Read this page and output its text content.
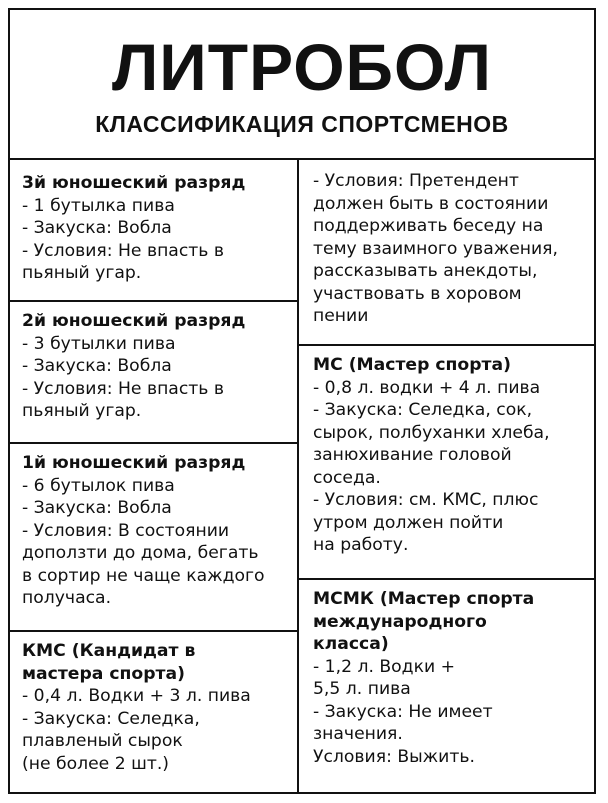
ЛИТРОБОЛ
КЛАССИФИКАЦИЯ СПОРТСМЕНОВ
3й юношеский разряд
- 1 бутылка пива
- Закуска: Вобла
- Условия: Не впасть в
пьяный угар.
2й юношеский разряд
- 3 бутылки пива
- Закуска: Вобла
- Условия: Не впасть в
пьяный угар.
1й юношеский разряд
- 6 бутылок пива
- Закуска: Вобла
- Условия: В состоянии
доползти до дома, бегать
в сортир не чаще каждого
получаса.
КМС (Кандидат в
мастера спорта)
- 0,4 л. Водки + 3 л. пива
- Закуска: Селедка,
плавленый сырок
(не более 2 шт.)
- Условия: Претендент
должен быть в состоянии
поддерживать беседу на
тему взаимного уважения,
рассказывать анекдоты,
участвовать в хоровом
пении
МС (Мастер спорта)
- 0,8 л. водки + 4 л. пива
- Закуска: Селедка, сок,
сырок, полбуханки хлеба,
занюхивание головой
соседа.
- Условия: см. КМС, плюс
утром должен пойти
на работу.
МСМК (Мастер спорта
международного
класса)
- 1,2 л. Водки +
5,5 л. пива
- Закуска: Не имеет
значения.
Условия: Выжить.
